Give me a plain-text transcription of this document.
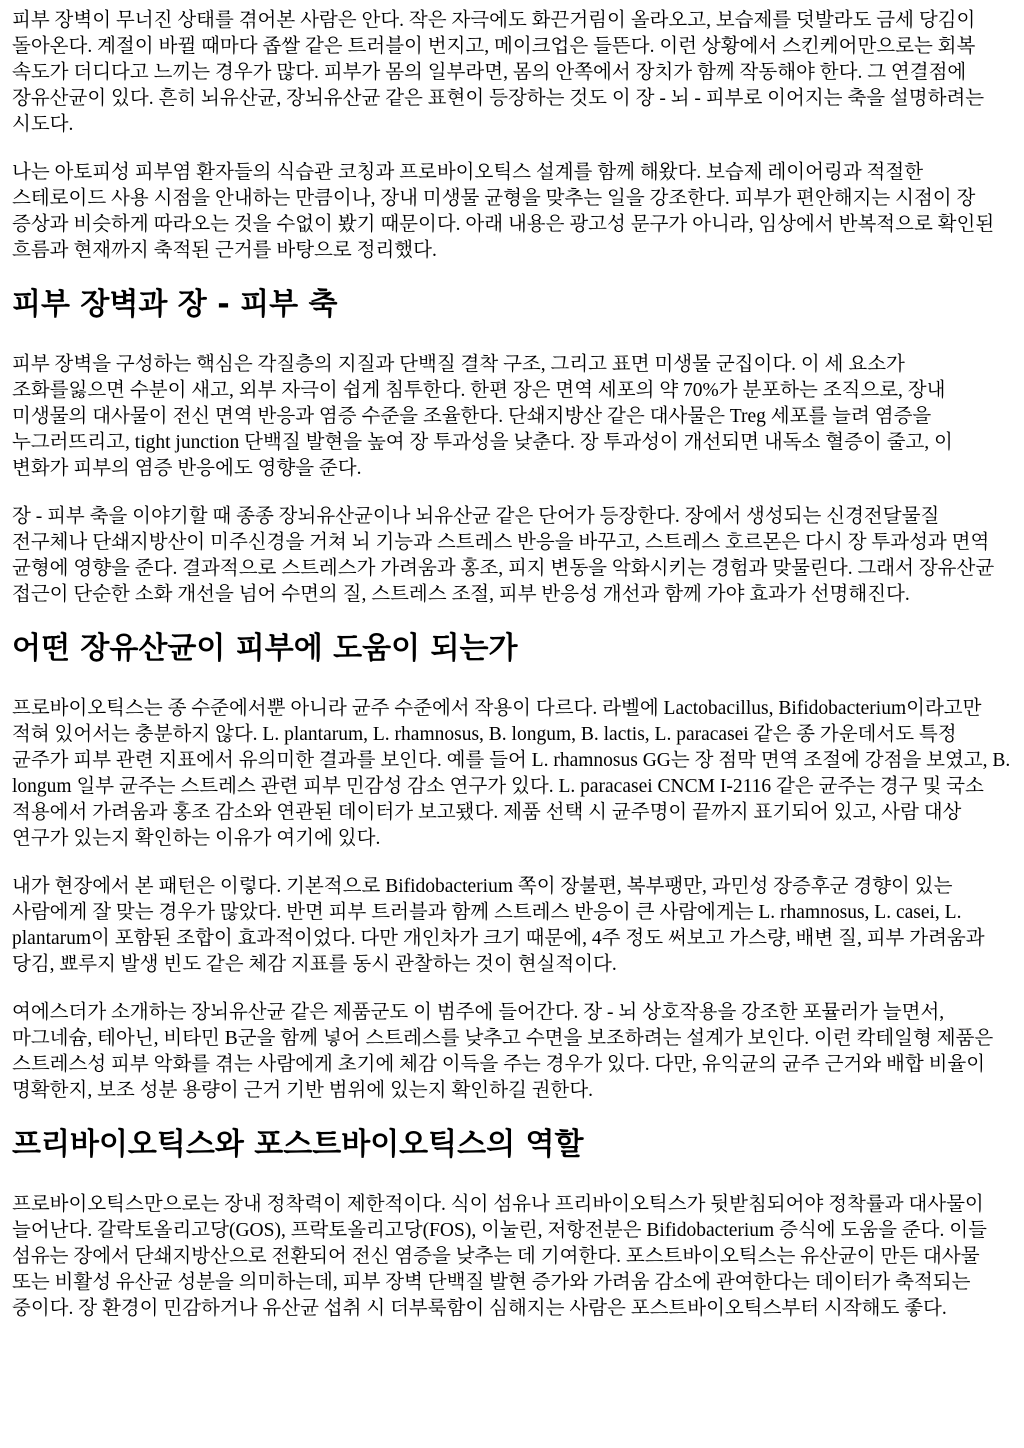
피부 장벽이 무너진 상태를 겪어본 사람은 안다. 작은 자극에도 화끈거림이 올라오고, 보습제를 덧발라도 금세 당김이 돌아온다. 계절이 바뀔 때마다 좁쌀 같은 트러블이 번지고, 메이크업은 들뜬다. 이런 상황에서 스킨케어만으로는 회복 속도가 더디다고 느끼는 경우가 많다. 피부가 몸의 일부라면, 몸의 안쪽에서 장치가 함께 작동해야 한다. 그 연결점에 장유산균이 있다. 흔히 뇌유산균, 장뇌유산균 같은 표현이 등장하는 것도 이 장 - 뇌 - 피부로 이어지는 축을 설명하려는 시도다.

나는 아토피성 피부염 환자들의 식습관 코칭과 프로바이오틱스 설계를 함께 해왔다. 보습제 레이어링과 적절한 스테로이드 사용 시점을 안내하는 만큼이나, 장내 미생물 균형을 맞추는 일을 강조한다. 피부가 편안해지는 시점이 장 증상과 비슷하게 따라오는 것을 수없이 봤기 때문이다. 아래 내용은 광고성 문구가 아니라, 임상에서 반복적으로 확인된 흐름과 현재까지 축적된 근거를 바탕으로 정리했다.

피부 장벽과 장 - 피부 축

피부 장벽을 구성하는 핵심은 각질층의 지질과 단백질 결착 구조, 그리고 표면 미생물 군집이다. 이 세 요소가 조화를잃으면 수분이 새고, 외부 자극이 쉽게 침투한다. 한편 장은 면역 세포의 약 70%가 분포하는 조직으로, 장내 미생물의 대사물이 전신 면역 반응과 염증 수준을 조율한다. 단쇄지방산 같은 대사물은 Treg 세포를 늘려 염증을 누그러뜨리고, tight junction 단백질 발현을 높여 장 투과성을 낮춘다. 장 투과성이 개선되면 내독소 혈증이 줄고, 이 변화가 피부의 염증 반응에도 영향을 준다.

장 - 피부 축을 이야기할 때 종종 장뇌유산균이나 뇌유산균 같은 단어가 등장한다. 장에서 생성되는 신경전달물질 전구체나 단쇄지방산이 미주신경을 거쳐 뇌 기능과 스트레스 반응을 바꾸고, 스트레스 호르몬은 다시 장 투과성과 면역 균형에 영향을 준다. 결과적으로 스트레스가 가려움과 홍조, 피지 변동을 악화시키는 경험과 맞물린다. 그래서 장유산균 접근이 단순한 소화 개선을 넘어 수면의 질, 스트레스 조절, 피부 반응성 개선과 함께 가야 효과가 선명해진다.

어떤 장유산균이 피부에 도움이 되는가

프로바이오틱스는 종 수준에서뿐 아니라 균주 수준에서 작용이 다르다. 라벨에 Lactobacillus, Bifidobacterium이라고만 적혀 있어서는 충분하지 않다. L. plantarum, L. rhamnosus, B. longum, B. lactis, L. paracasei 같은 종 가운데서도 특정 균주가 피부 관련 지표에서 유의미한 결과를 보인다. 예를 들어 L. rhamnosus GG는 장 점막 면역 조절에 강점을 보였고, B. longum 일부 균주는 스트레스 관련 피부 민감성 감소 연구가 있다. L. paracasei CNCM I-2116 같은 균주는 경구 및 국소 적용에서 가려움과 홍조 감소와 연관된 데이터가 보고됐다. 제품 선택 시 균주명이 끝까지 표기되어 있고, 사람 대상 연구가 있는지 확인하는 이유가 여기에 있다.

내가 현장에서 본 패턴은 이렇다. 기본적으로 Bifidobacterium 쪽이 장불편, 복부팽만, 과민성 장증후군 경향이 있는 사람에게 잘 맞는 경우가 많았다. 반면 피부 트러블과 함께 스트레스 반응이 큰 사람에게는 L. rhamnosus, L. casei, L. plantarum이 포함된 조합이 효과적이었다. 다만 개인차가 크기 때문에, 4주 정도 써보고 가스량, 배변 질, 피부 가려움과 당김, 뾰루지 발생 빈도 같은 체감 지표를 동시 관찰하는 것이 현실적이다.

여에스더가 소개하는 장뇌유산균 같은 제품군도 이 범주에 들어간다. 장 - 뇌 상호작용을 강조한 포뮬러가 늘면서, 마그네슘, 테아닌, 비타민 B군을 함께 넣어 스트레스를 낮추고 수면을 보조하려는 설계가 보인다. 이런 칵테일형 제품은 스트레스성 피부 악화를 겪는 사람에게 초기에 체감 이득을 주는 경우가 있다. 다만, 유익균의 균주 근거와 배합 비율이 명확한지, 보조 성분 용량이 근거 기반 범위에 있는지 확인하길 권한다.

프리바이오틱스와 포스트바이오틱스의 역할

프로바이오틱스만으로는 장내 정착력이 제한적이다. 식이 섬유나 프리바이오틱스가 뒷받침되어야 정착률과 대사물이 늘어난다. 갈락토올리고당(GOS), 프락토올리고당(FOS), 이눌린, 저항전분은 Bifidobacterium 증식에 도움을 준다. 이들 섬유는 장에서 단쇄지방산으로 전환되어 전신 염증을 낮추는 데 기여한다. 포스트바이오틱스는 유산균이 만든 대사물 또는 비활성 유산균 성분을 의미하는데, 피부 장벽 단백질 발현 증가와 가려움 감소에 관여한다는 데이터가 축적되는 중이다. 장 환경이 민감하거나 유산균 섭취 시 더부룩함이 심해지는 사람은 포스트바이오틱스부터 시작해도 좋다.
